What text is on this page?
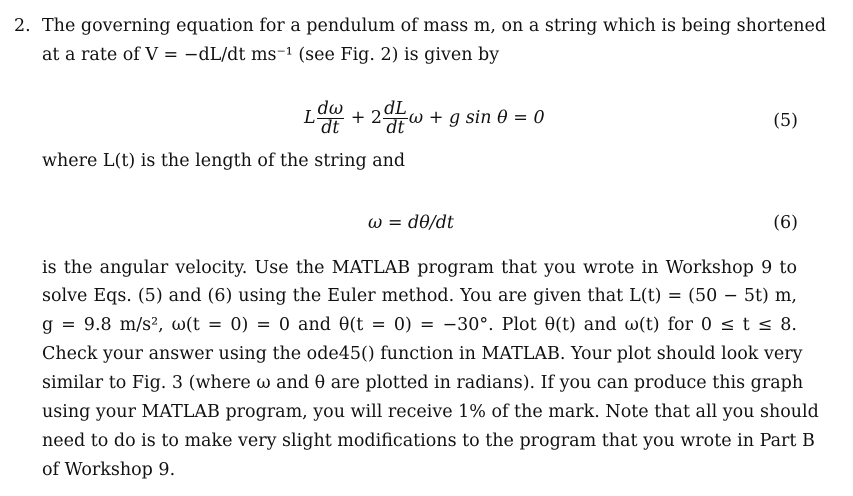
2. The governing equation for a pendulum of mass m, on a string which is being shortened
at a rate of V = −dL/dt ms⁻¹ (see Fig. 2) is given by
L $\frac{d\omega}{dt} + 2 \frac{dL}{dt}$ ω + g sin θ = 0	(5)
where L(t) is the length of the string and
ω = dθ/dt	(6)
is the angular velocity. Use the MATLAB program that you wrote in Workshop 9 to
solve Eqs. (5) and (6) using the Euler method. You are given that L(t) = (50 − 5t) m,
g = 9.8 m/s², ω(t = 0) = 0 and θ(t = 0) = −30°. Plot θ(t) and ω(t) for 0 ≤ t ≤ 8.
Check your answer using the ode45() function in MATLAB. Your plot should look very
similar to Fig. 3 (where ω and θ are plotted in radians). If you can produce this graph
using your MATLAB program, you will receive 1% of the mark. Note that all you should
need to do is to make very slight modifications to the program that you wrote in Part B
of Workshop 9.
